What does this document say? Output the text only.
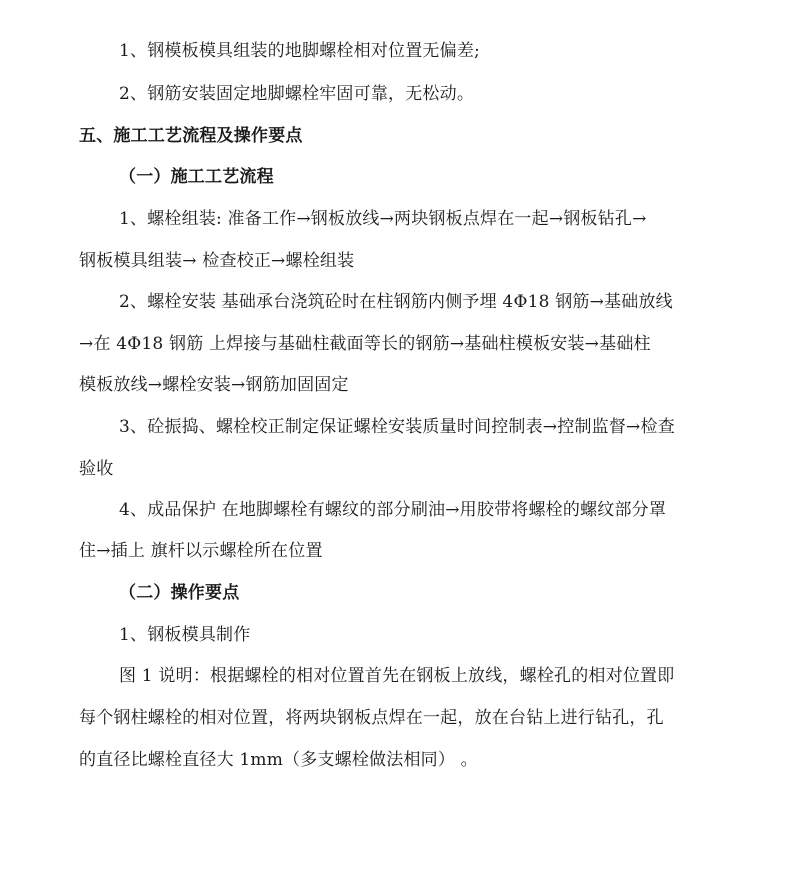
1、钢模板模具组装的地脚螺栓相对位置无偏差;
2、钢筋安装固定地脚螺栓牢固可靠，无松动。
五、施工工艺流程及操作要点
（一）施工工艺流程
1、螺栓组装: 准备工作→钢板放线→两块钢板点焊在一起→钢板钻孔→
钢板模具组装→ 检查校正→螺栓组装
2、螺栓安装 基础承台浇筑砼时在柱钢筋内侧予埋 4Φ18 钢筋→基础放线
→在 4Φ18 钢筋 上焊接与基础柱截面等长的钢筋→基础柱模板安装→基础柱
模板放线→螺栓安装→钢筋加固固定
3、砼振捣、螺栓校正制定保证螺栓安装质量时间控制表→控制监督→检查
验收
4、成品保护 在地脚螺栓有螺纹的部分刷油→用胶带将螺栓的螺纹部分罩
住→插上 旗杆以示螺栓所在位置
（二）操作要点
1、钢板模具制作
图 1 说明：根据螺栓的相对位置首先在钢板上放线，螺栓孔的相对位置即
每个钢柱螺栓的相对位置，将两块钢板点焊在一起，放在台钻上进行钻孔，孔
的直径比螺栓直径大 1mm（多支螺栓做法相同） 。
